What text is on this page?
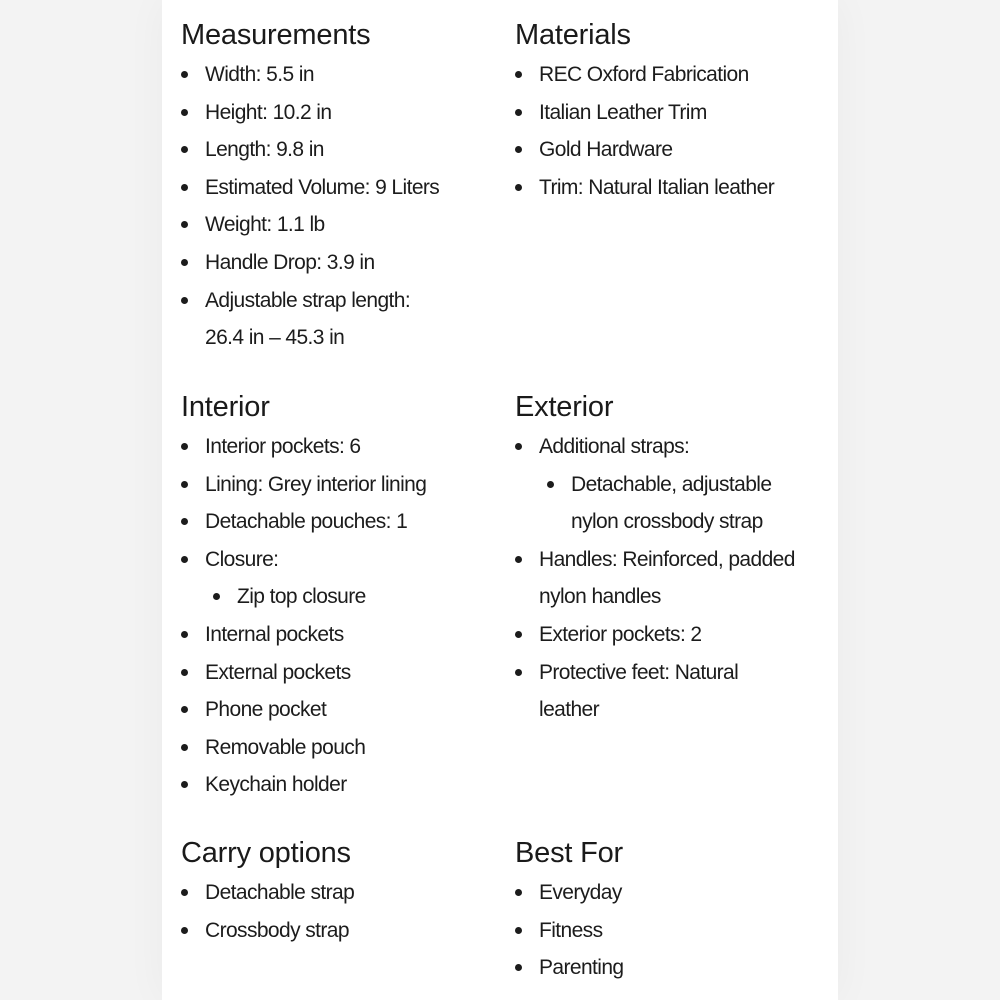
Measurements
Width: 5.5 in
Height: 10.2 in
Length: 9.8 in
Estimated Volume: 9 Liters
Weight: 1.1 lb
Handle Drop: 3.9 in
Adjustable strap length:
26.4 in – 45.3 in
Materials
REC Oxford Fabrication
Italian Leather Trim
Gold Hardware
Trim: Natural Italian leather
Interior
Interior pockets: 6
Lining: Grey interior lining
Detachable pouches: 1
Closure:
Zip top closure
Internal pockets
External pockets
Phone pocket
Removable pouch
Keychain holder
Exterior
Additional straps:
Detachable, adjustable
nylon crossbody strap
Handles: Reinforced, padded
nylon handles
Exterior pockets: 2
Protective feet: Natural
leather
Carry options
Detachable strap
Crossbody strap
Best For
Everyday
Fitness
Parenting
